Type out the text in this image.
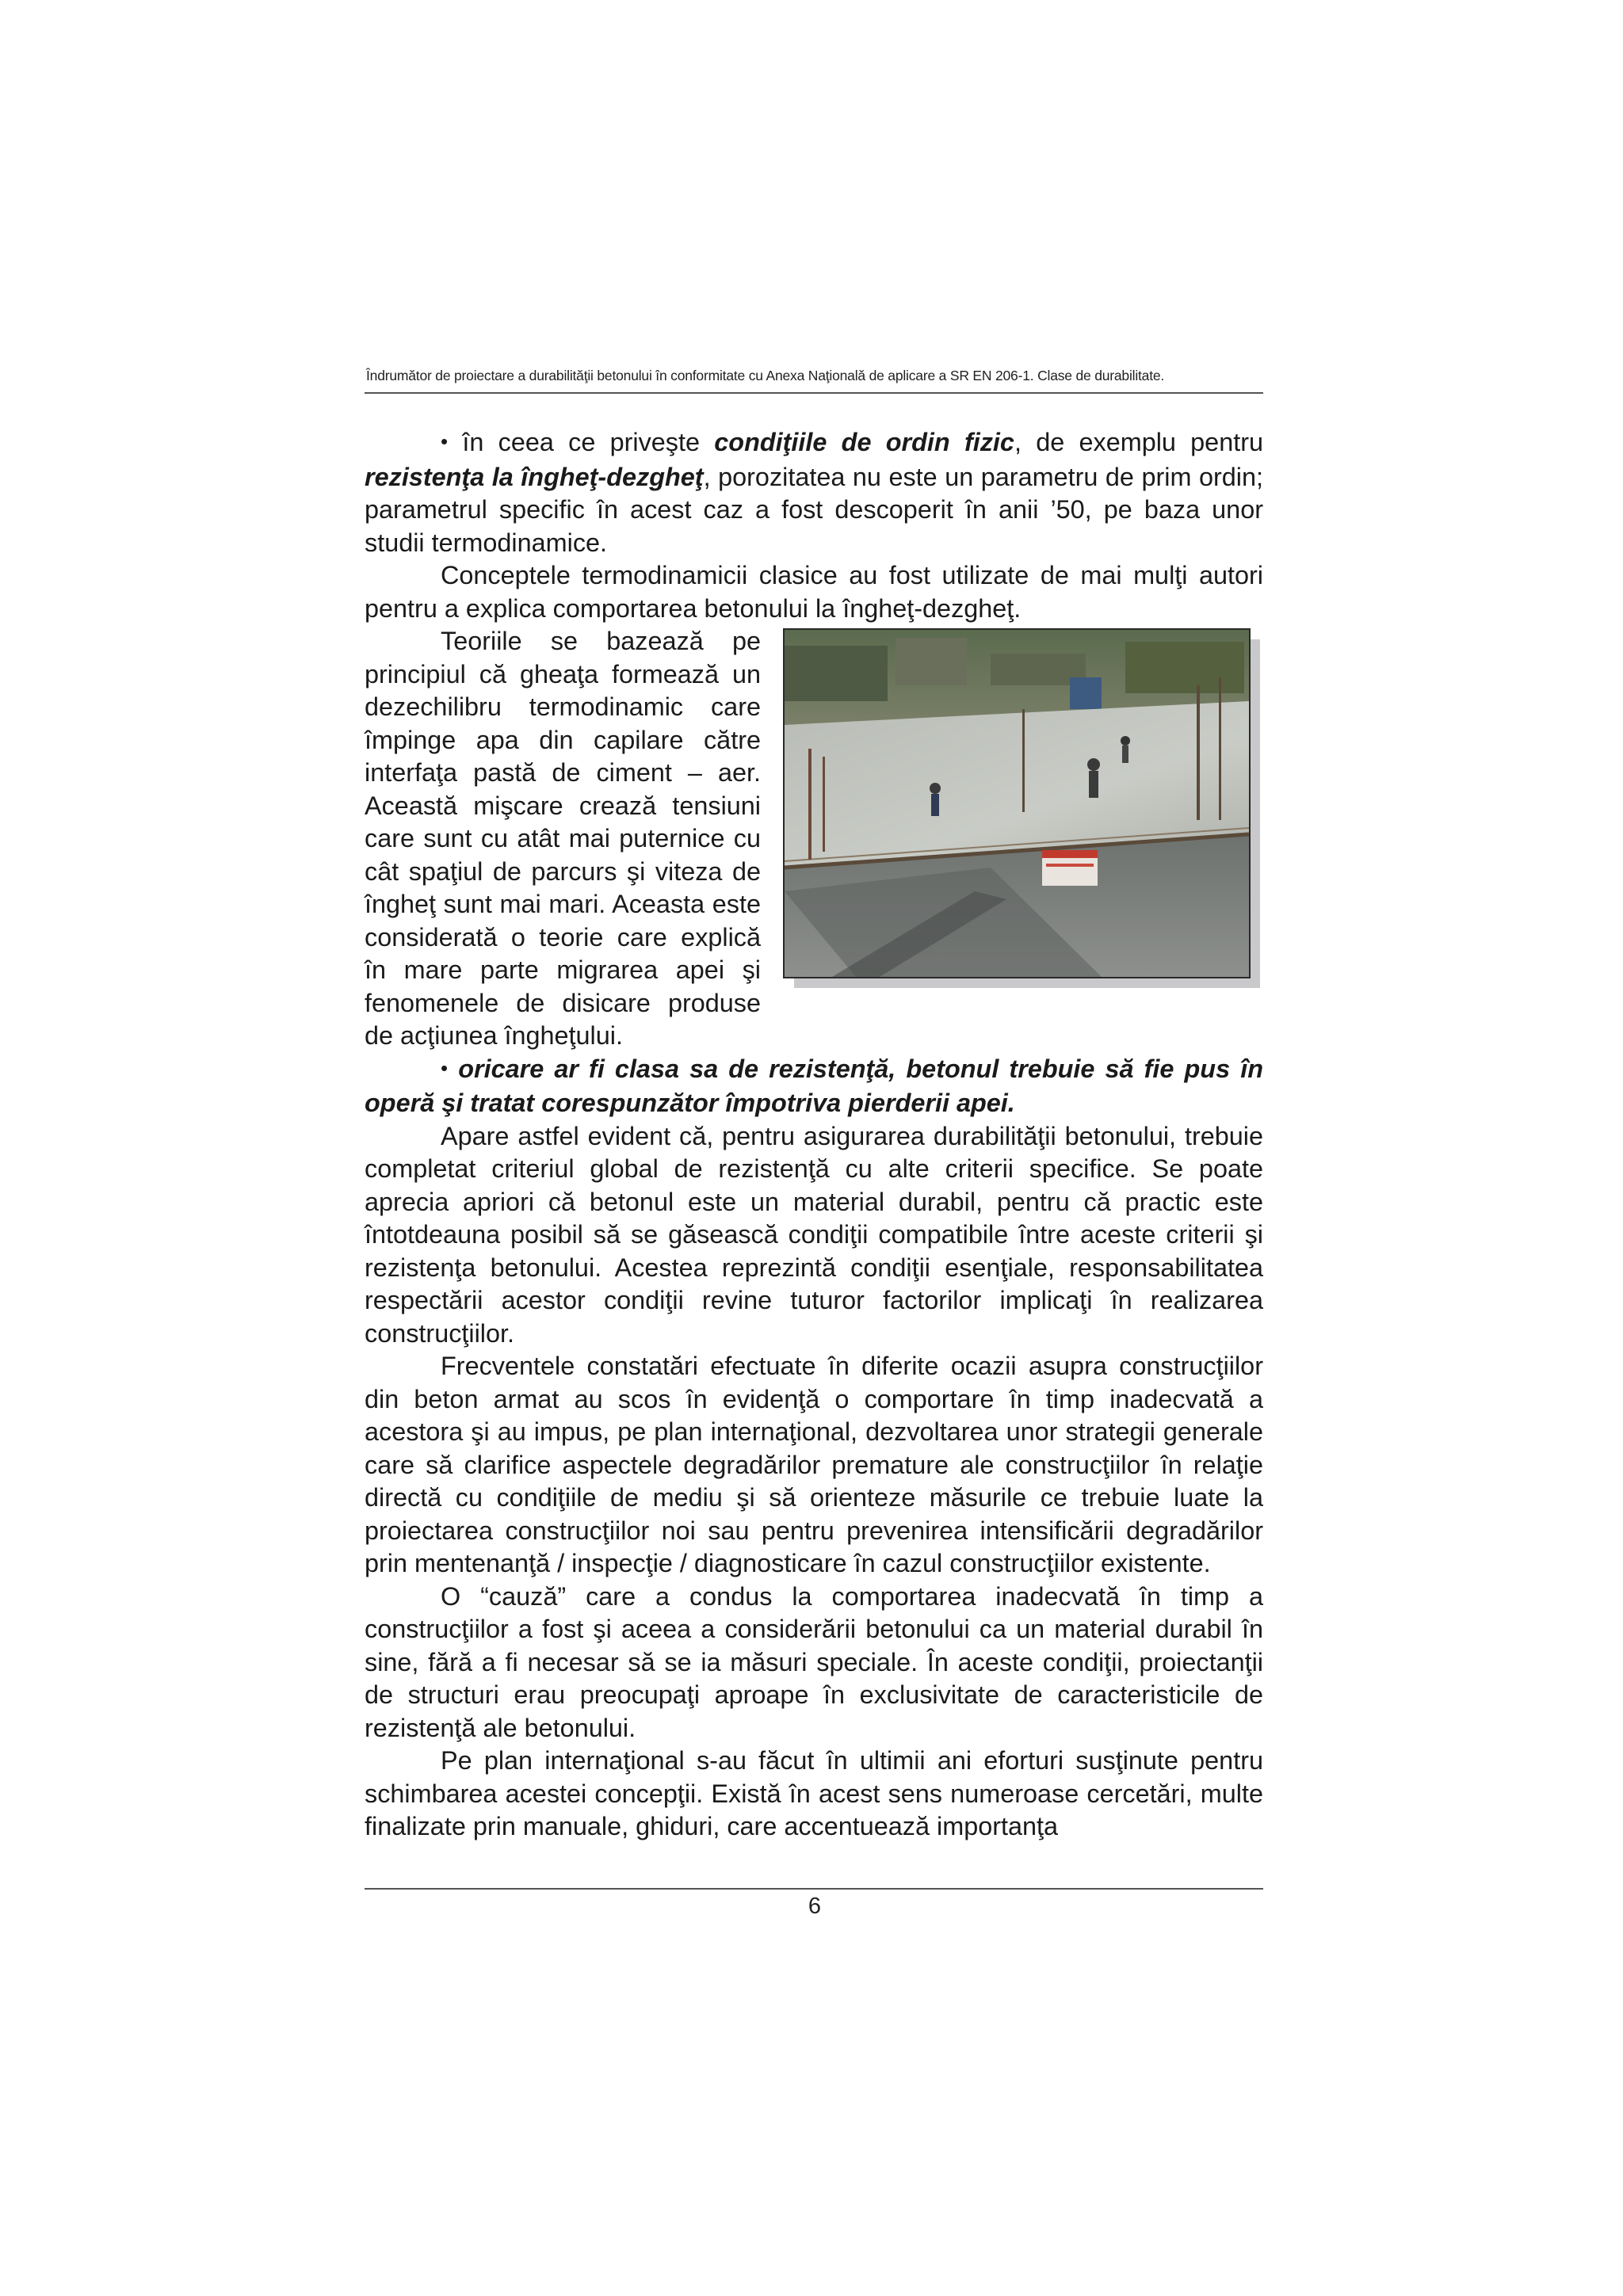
Îndrumător de proiectare a durabilităţii betonului în conformitate cu Anexa Naţională de aplicare a SR EN 206-1. Clase de durabilitate.

• în ceea ce priveşte condiţiile de ordin fizic, de exemplu pentru rezistenţa la îngheţ-dezgheţ, porozitatea nu este un parametru de prim ordin; parametrul specific în acest caz a fost descoperit în anii ’50, pe baza unor studii termodinamice.

Conceptele termodinamicii clasice au fost utilizate de mai mulţi autori pentru a explica comportarea betonului la îngheţ-dezgheţ.

Teoriile se bazează pe principiul că gheaţa formează un dezechilibru termodinamic care împinge apa din capilare către interfaţa pastă de ciment – aer. Această mişcare crează tensiuni care sunt cu atât mai puternice cu cât spaţiul de parcurs şi viteza de îngheţ sunt mai mari. Aceasta este considerată o teorie care explică în mare parte migrarea apei şi fenomenele de disicare produse de acţiunea îngheţului.

• oricare ar fi clasa sa de rezistenţă, betonul trebuie să fie pus în operă şi tratat corespunzător împotriva pierderii apei.

Apare astfel evident că, pentru asigurarea durabilităţii betonului, trebuie completat criteriul global de rezistenţă cu alte criterii specifice. Se poate aprecia apriori că betonul este un material durabil, pentru că practic este întotdeauna posibil să se găsească condiţii compatibile între aceste criterii şi rezistenţa betonului. Acestea reprezintă condiţii esenţiale, responsabilitatea respectării acestor condiţii revine tuturor factorilor implicaţi în realizarea construcţiilor.

Frecventele constatări efectuate în diferite ocazii asupra construcţiilor din beton armat au scos în evidenţă o comportare în timp inadecvată a acestora şi au impus, pe plan internaţional, dezvoltarea unor strategii generale care să clarifice aspectele degradărilor premature ale construcţiilor în relaţie directă cu condiţiile de mediu şi să orienteze măsurile ce trebuie luate la proiectarea construcţiilor noi sau pentru prevenirea intensificării degradărilor prin mentenanţă / inspecţie / diagnosticare în cazul construcţiilor existente.

O “cauză” care a condus la comportarea inadecvată în timp a construcţiilor a fost şi aceea a considerării betonului ca un material durabil în sine, fără a fi necesar să se ia măsuri speciale. În aceste condiţii, proiectanţii de structuri erau preocupaţi aproape în exclusivitate de caracteristicile de rezistenţă ale betonului.

Pe plan internaţional s-au făcut în ultimii ani eforturi susţinute pentru schimbarea acestei concepţii. Există în acest sens numeroase cercetări, multe finalizate prin manuale, ghiduri, care accentuează importanţa

6
